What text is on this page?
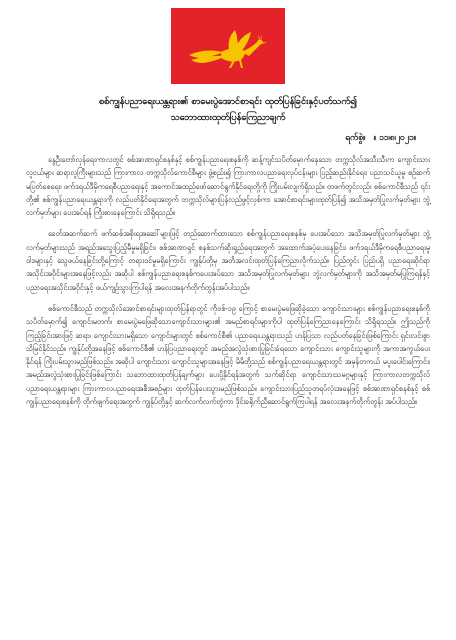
စစ်ကျွန်ပညာရေးယန္တရား၏ စာမေးပွဲအောင်စာရင်း ထုတ်ပြန်ခြင်းနှင့်ပတ်သက်၍
သဘောထားထုတ်ပြန်ကြေညာချက်
ရက်စွဲ။ ။ ၁၁၊၈၊၂၀၂၁။
နွေဦးတော်လှန်ရေးကာလတွင် စစ်အာဏာရှင်စနစ်နှင့် စစ်ကျွန်ပညာရေးစနစ်ကို ဆန့်ကျင်သပိတ်မှောက်နေသော တက္ကသိုလ်အသီးသီးက ကျောင်းသားလူငယ်များ ဆရာလူကြီးများသည် ကြားကာလ တက္ကသိုလ်ကောင်စီများ ဖွဲ့စည်း၍ ကြားကာလပညာရေးလုပ်ငန်းများ ပြည့်ဆည်းနိုင်ရေး၊ ပညာသင်ယူမှု စဉ်ဆက်မပြတ်စေရေး၊ ဖက်ဒရယ်ဒီမိုကရေစီပညာရေးနှင့် အကောင်အထည်ဖော်ဆောင်ရွက်နိုင်ရေးတို့ကို ကြိုးပမ်းလျက်ရှိသည်။ တဖက်တွင်လည်း စစ်ကောင်စီသည် ၎င်းတို့၏ စစ်ကျွန်ပညာရေးယန္တရားကို လည်ပတ်နိုင်ရေးအတွက် တက္ကသိုလ်များပြန်လည်ဖွင့်လှစ်ကာ အောင်စာရင်းများထုတ်ပြန်၍ အသိအမှတ်ပြုလက်မှတ်များ ဘွဲ့လက်မှတ်များ ပေးအပ်ရန် ကြိုးစားနေကြောင်း သိရှိရသည်။
ခေတ်အဆက်ဆက် ဖက်ဆစ်အစိုးရအဆေါ်များဖြင့် တည်ဆောက်ထားသော စစ်ကျွန်ပညာရေးစနစ်မှ ပေးအပ်သော အသိအမှတ်ပြုလက်မှတ်များ ဘွဲ့လက်မှတ်များသည် အရည်အသွေးပြည့်မီမှုမရှိခြင်း၊ စစ်အာဏာရှင် စနစ်သက်ဆိုးရှည်ရေးအတွက် အထောက်အပံ့ပေးနေခြင်း၊ ဖက်ဒရယ်ဒီမိုကရေစီပညာရေးမူဝါဒများနှင့် သွေဖယ်နေခြင်းတို့ကြောင့် တရားဝင်မှုမရှိကြောင်း ကျွန်ုပ်တို့မှ အတိအလင်းထုတ်ပြန်ကြေညာလိုက်သည်။ ပြည်တွင်း ပြည်ပရှိ ပညာရေးဆိုင်ရာ အသိုင်းအဝိုင်းများအနေဖြင့်လည်း အဆိုပါ စစ်ကျွန်ပညာရေးစနစ်ကပေးအပ်သော အသိအမှတ်ပြုလက်မှတ်များ ဘွဲ့လက်မှတ်များကို အသိအမှတ်မပြုကြရန်နှင့် ပညာရေးအသိုင်းအဝိုင်းနှင့် ဖယ်ကျဉ်သွားကြပါရန် အလေးအနက်တိုက်တွန်းအပ်ပါသည်။
စစ်ကောင်စီသည် တက္ကသိုလ်အောင်စာရင်းများထုတ်ပြန်ရာတွင် ကိုဗစ်-၁၉ ကြောင့် စာမေးပွဲမဖြေဆိုခဲ့သော ကျောင်းသားများ စစ်ကျွန်ပညာရေးစနစ်ကို သပိတ်မှောက်၍ ကျောင်းမတက်၊ စာမေးပွဲမဖြေဆိုသောကျောင်းသားများ၏ အမည်စာရင်းများကိုပါ ထုတ်ပြန်ကြေညာနေကြောင်း သိရှိရသည်။ ဤသည်ကို ကြည့်ခြင်းအားဖြင့် ဆရာ၊ ကျောင်းသားမရှိသော ကျောင်းများတွင် စစ်ကောင်စီ၏ ပညာရေးယန္တရားသည် ဟန်ပြသာ လည်ပတ်နေခြင်းဖြစ်ကြောင်း ရှင်းလင်းစွာသိမြင်နိုင်သည်။ ကျွန်ုပ်တို့အနေဖြင့် စစ်ကောင်စီ၏ ဟန်ပြပညာရေးတွင် အမည်အလွဲသုံးစားပြုခြင်းခံရသော ကျောင်းသား ကျောင်းသူများကို အကာအကွယ်ပေးနိုင်ရန် ကြိုးပမ်းသွားမည်ဖြစ်သည်။ အဆိုပါ ကျောင်းသား ကျောင်းသူများအနေဖြင့် မိမိတို့သည် စစ်ကျွန်ပညာရေးယန္တရားတွင် အမှန်တကယ် မပူးပေါင်းကြောင်း၊ အမည်အလွဲသုံးစားပြုခြင်းဖြစ်ကြောင်း သဘောထားထုတ်ပြန်ချက်များ ပေးပို့နိုင်ရန်အတွက် သက်ဆိုင်ရာ ကျောင်းသားသမဂ္ဂများနှင့် ကြားကာလတက္ကသိုလ်ပညာရေးယန္တရားများ ကြားကာလပညာရေးအစီအစဉ်များ ထုတ်ပြန်ပေးသွားမည်ဖြစ်သည်။ ကျောင်းသားပြည်သူတရပ်လုံးအနေဖြင့် စစ်အာဏာရှင်စနစ်နှင့် စစ်ကျွန်ပညာရေးစနစ်ကို တိုက်ဖျက်ရေးအတွက် ကျွန်ုပ်တို့နှင့် ဆက်လက်လက်တွဲကာ ဒိုင်းခရိုက်ညီဆောင်ရွက်ကြပါရန် အလေးအနက်တိုက်တွန်း အပ်ပါသည်။
